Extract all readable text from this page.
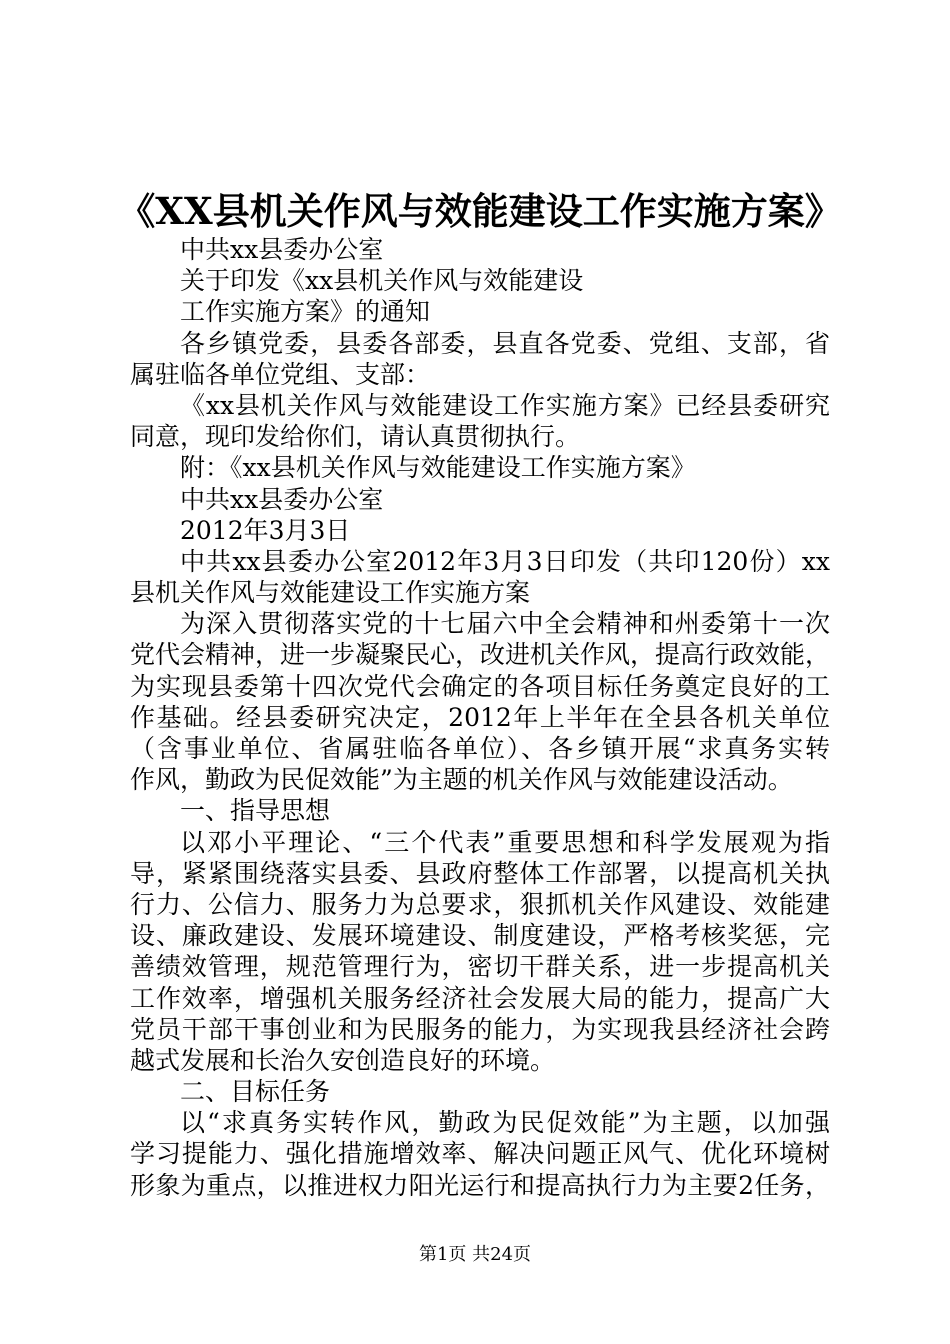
《XX县机关作风与效能建设工作实施方案》
中共xx县委办公室
关于印发《xx县机关作风与效能建设
工作实施方案》的通知
各乡镇党委，县委各部委，县直各党委、党组、支部，省
属驻临各单位党组、支部：
《xx县机关作风与效能建设工作实施方案》已经县委研究
同意，现印发给你们，请认真贯彻执行。
附：《xx县机关作风与效能建设工作实施方案》
中共xx县委办公室
2012年3月3日
中共xx县委办公室2012年3月3日印发（共印120份）xx
县机关作风与效能建设工作实施方案
为深入贯彻落实党的十七届六中全会精神和州委第十一次
党代会精神，进一步凝聚民心，改进机关作风，提高行政效能，
为实现县委第十四次党代会确定的各项目标任务奠定良好的工
作基础。经县委研究决定，2012年上半年在全县各机关单位
（含事业单位、省属驻临各单位）、各乡镇开展“求真务实转
作风，勤政为民促效能”为主题的机关作风与效能建设活动。
一、指导思想
以邓小平理论、“三个代表”重要思想和科学发展观为指
导，紧紧围绕落实县委、县政府整体工作部署，以提高机关执
行力、公信力、服务力为总要求，狠抓机关作风建设、效能建
设、廉政建设、发展环境建设、制度建设，严格考核奖惩，完
善绩效管理，规范管理行为，密切干群关系，进一步提高机关
工作效率，增强机关服务经济社会发展大局的能力，提高广大
党员干部干事创业和为民服务的能力，为实现我县经济社会跨
越式发展和长治久安创造良好的环境。
二、目标任务
以“求真务实转作风，勤政为民促效能”为主题，以加强
学习提能力、强化措施增效率、解决问题正风气、优化环境树
形象为重点，以推进权力阳光运行和提高执行力为主要2任务，
第1页 共24页
